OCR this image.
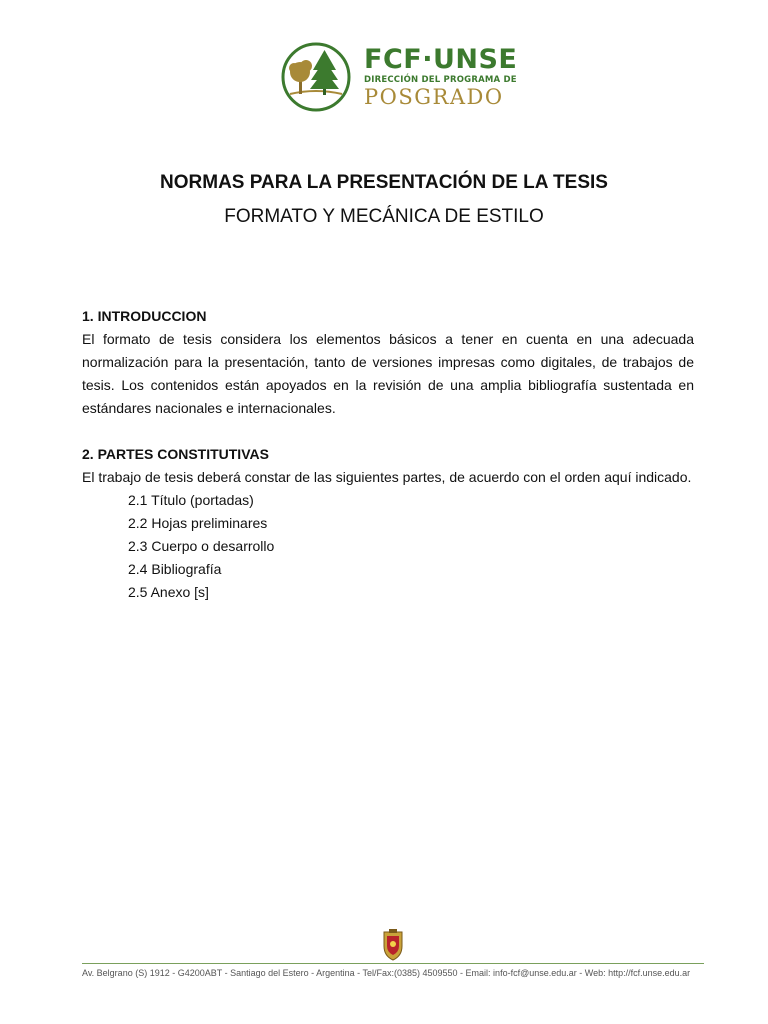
FCF·UNSE
DIRECCIÓN DEL PROGRAMA DE
POSGRADO
NORMAS PARA LA PRESENTACIÓN DE LA TESIS
FORMATO Y MECÁNICA DE ESTILO

1. INTRODUCCION

El formato de tesis considera los elementos básicos a tener en cuenta en una adecuada normalización para la presentación, tanto de versiones impresas como digitales, de trabajos de tesis. Los contenidos están apoyados en la revisión de una amplia bibliografía sustentada en estándares nacionales e internacionales.

2. PARTES CONSTITUTIVAS

El trabajo de tesis deberá constar de las siguientes partes, de acuerdo con el orden aquí indicado.

2.1 Título (portadas)
2.2 Hojas preliminares
2.3 Cuerpo o desarrollo
2.4 Bibliografía
2.5 Anexo [s]
Av. Belgrano (S) 1912 - G4200ABT - Santiago del Estero - Argentina - Tel/Fax:(0385) 4509550 - Email: info-fcf@unse.edu.ar - Web: http://fcf.unse.edu.ar
